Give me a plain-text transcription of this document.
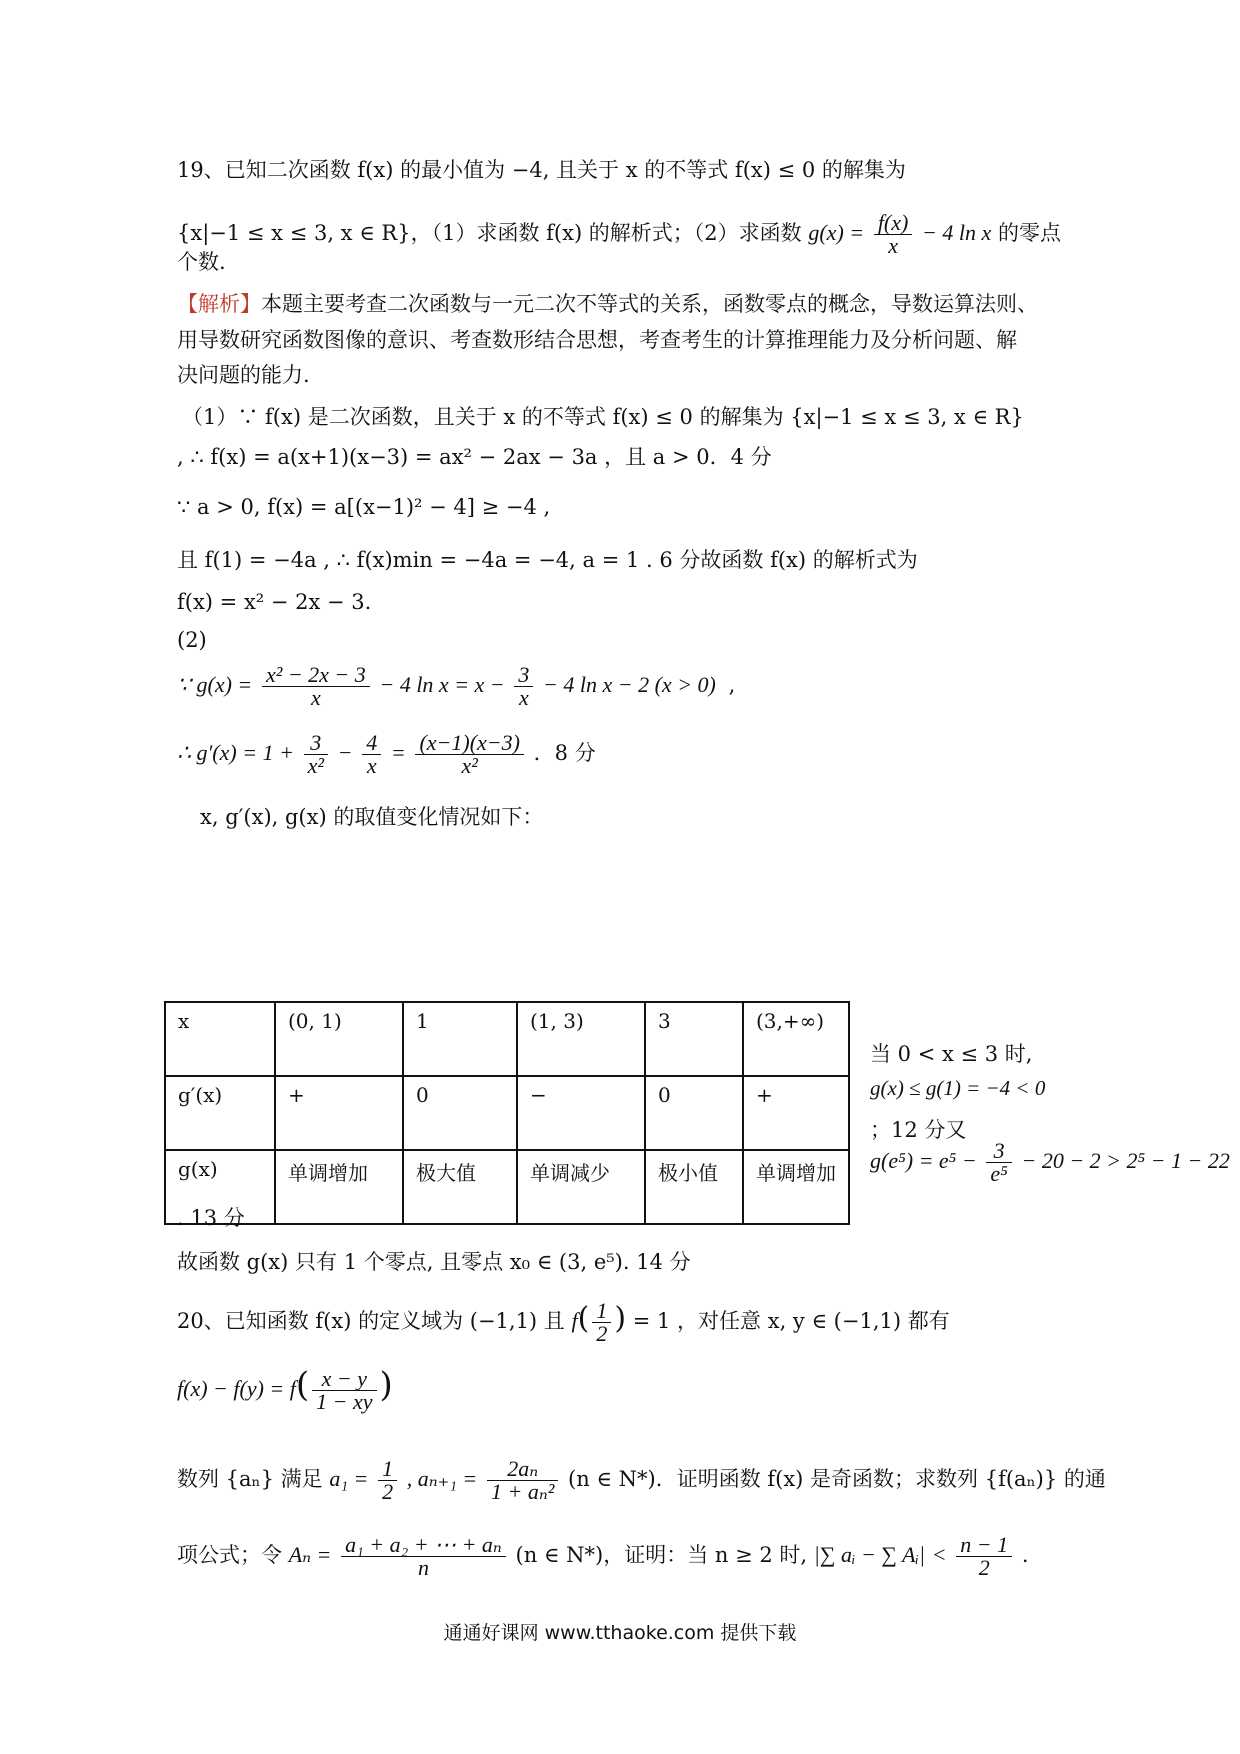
19、已知二次函数 f(x) 的最小值为 −4, 且关于 x 的不等式 f(x) ≤ 0 的解集为
{x|−1 ≤ x ≤ 3, x ∈ R}，（1）求函数 f(x) 的解析式；（2）求函数 $g(x) = \frac{f(x)}{x} - 4$ ln x 的零点
个数.
【解析】本题主要考查二次函数与一元二次不等式的关系，函数零点的概念，导数运算法则、
用导数研究函数图像的意识、考查数形结合思想，考查考生的计算推理能力及分析问题、解
决问题的能力.
（1）∵ f(x) 是二次函数，且关于 x 的不等式 f(x) ≤ 0 的解集为 {x|−1 ≤ x ≤ 3, x ∈ R}
, ∴ f(x) = a(x+1)(x−3) = ax² − 2ax − 3a ，且 a > 0．4 分
∵ a > 0, f(x) = a[(x−1)² − 4] ≥ −4 ,
且 f(1) = −4a , ∴ f(x)min = −4a = −4, a = 1 . 6 分故函数 f(x) 的解析式为
f(x) = x² − 2x − 3.
(2)
∵ $g(x) = \frac{\text{x² − 2x − 3}}{x} - 4$ $\ln x = x - \frac{3}{x} - 4$ ln x − 2 (x > 0) ,
∴ $g'(x) = 1 + \frac{3}{\text{x²}} - \frac{4}{x} = \frac{(x-1)(x-3)}{\text{x²}}$ ．8 分
x, g′(x), g(x) 的取值变化情况如下：
x	(0, 1)	1	(1, 3)	3	(3,+∞)
g′(x)	+	0	−	0	+
g(x)	单调增加	极大值	单调减少	极小值	单调增加
当 0 < x ≤ 3 时,
g(x) ≤ g(1) = −4 < 0
；12 分又
$g(e^5) = e^5 - \frac{3}{\text{e⁵}} - 20 - 2 > 2^5 - 1 - 22$
. 13 分
故函数 g(x) 只有 1 个零点, 且零点 x₀ ∈ (3, e⁵). 14 分
20、已知函数 f(x) 的定义域为 (−1,1) 且 $f( \frac{1}{2}$ ) = 1 ，对任意 x, y ∈ (−1,1) 都有
$f(x) - f(y) = f( \frac{x - y}{1 - xy}$ )
数列 {aₙ} 满足 $a_1 = \frac{1}{2}$ , $a_{n+1} = \frac{\text{2aₙ}}{\text{1 + aₙ²}} (n$ ∈ N*)．证明函数 f(x) 是奇函数；求数列 {f(aₙ)} 的通
项公式；令 $A_n = \frac{\text{a₁ + a₂ + ⋯ + aₙ}}{n} (n$ ∈ N*)，证明：当 n ≥ 2 时, |∑ aᵢ − ∑ Aᵢ| < $\frac{n - 1}{2}$ .
通通好课网 www.tthaoke.com 提供下载
